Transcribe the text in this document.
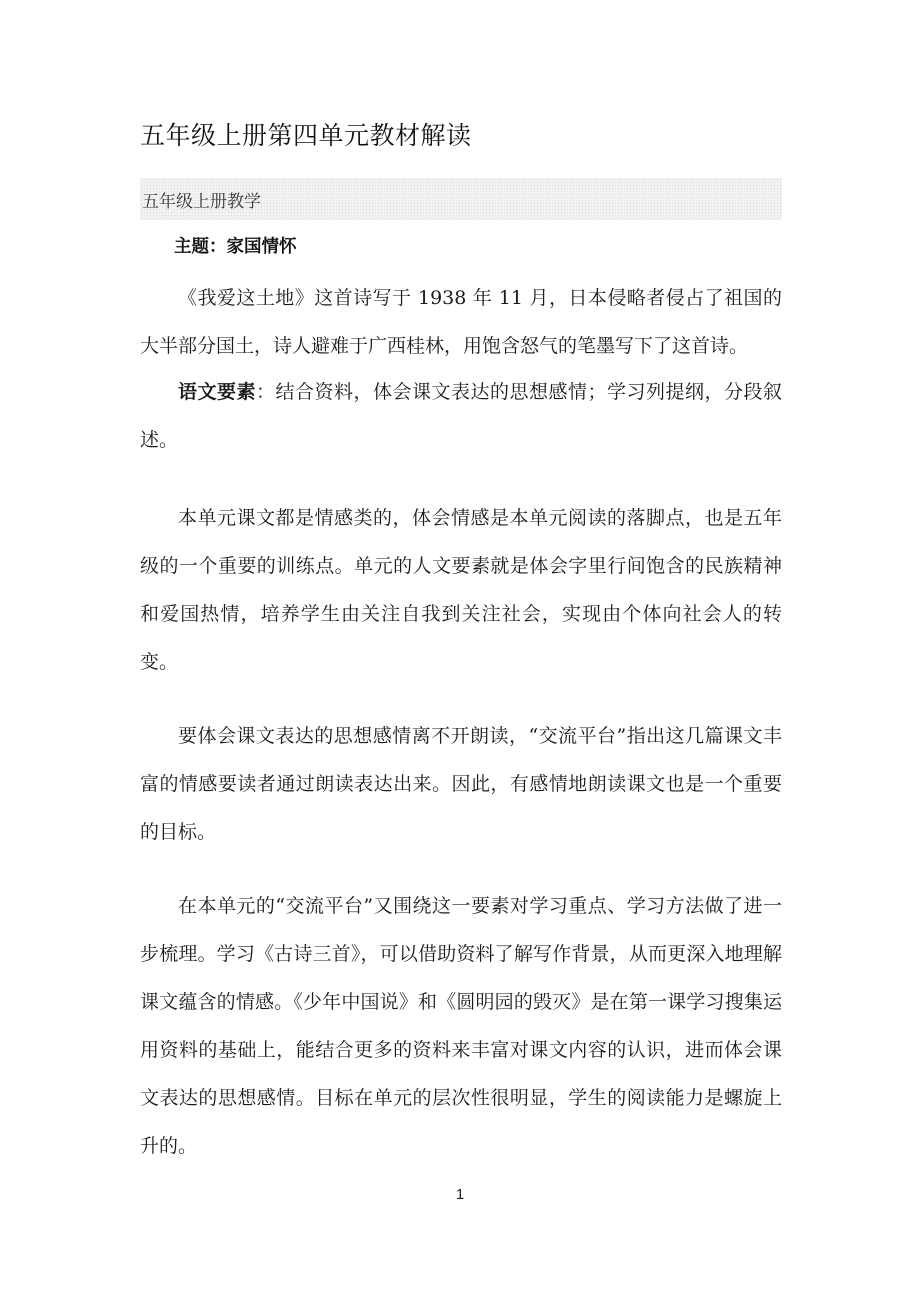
五年级上册第四单元教材解读
五年级上册教学

主题：家国情怀

《我爱这土地》这首诗写于 1938 年 11 月，日本侵略者侵占了祖国的大半部分国土，诗人避难于广西桂林，用饱含怒气的笔墨写下了这首诗。

语文要素：结合资料，体会课文表达的思想感情；学习列提纲，分段叙述。

本单元课文都是情感类的，体会情感是本单元阅读的落脚点，也是五年级的一个重要的训练点。单元的人文要素就是体会字里行间饱含的民族精神和爱国热情，培养学生由关注自我到关注社会，实现由个体向社会人的转变。

要体会课文表达的思想感情离不开朗读，“交流平台”指出这几篇课文丰富的情感要读者通过朗读表达出来。因此，有感情地朗读课文也是一个重要的目标。

在本单元的“交流平台”又围绕这一要素对学习重点、学习方法做了进一步梳理。学习《古诗三首》，可以借助资料了解写作背景，从而更深入地理解课文蕴含的情感。《少年中国说》和《圆明园的毁灭》是在第一课学习搜集运用资料的基础上，能结合更多的资料来丰富对课文内容的认识，进而体会课文表达的思想感情。目标在单元的层次性很明显，学生的阅读能力是螺旋上升的。

1
